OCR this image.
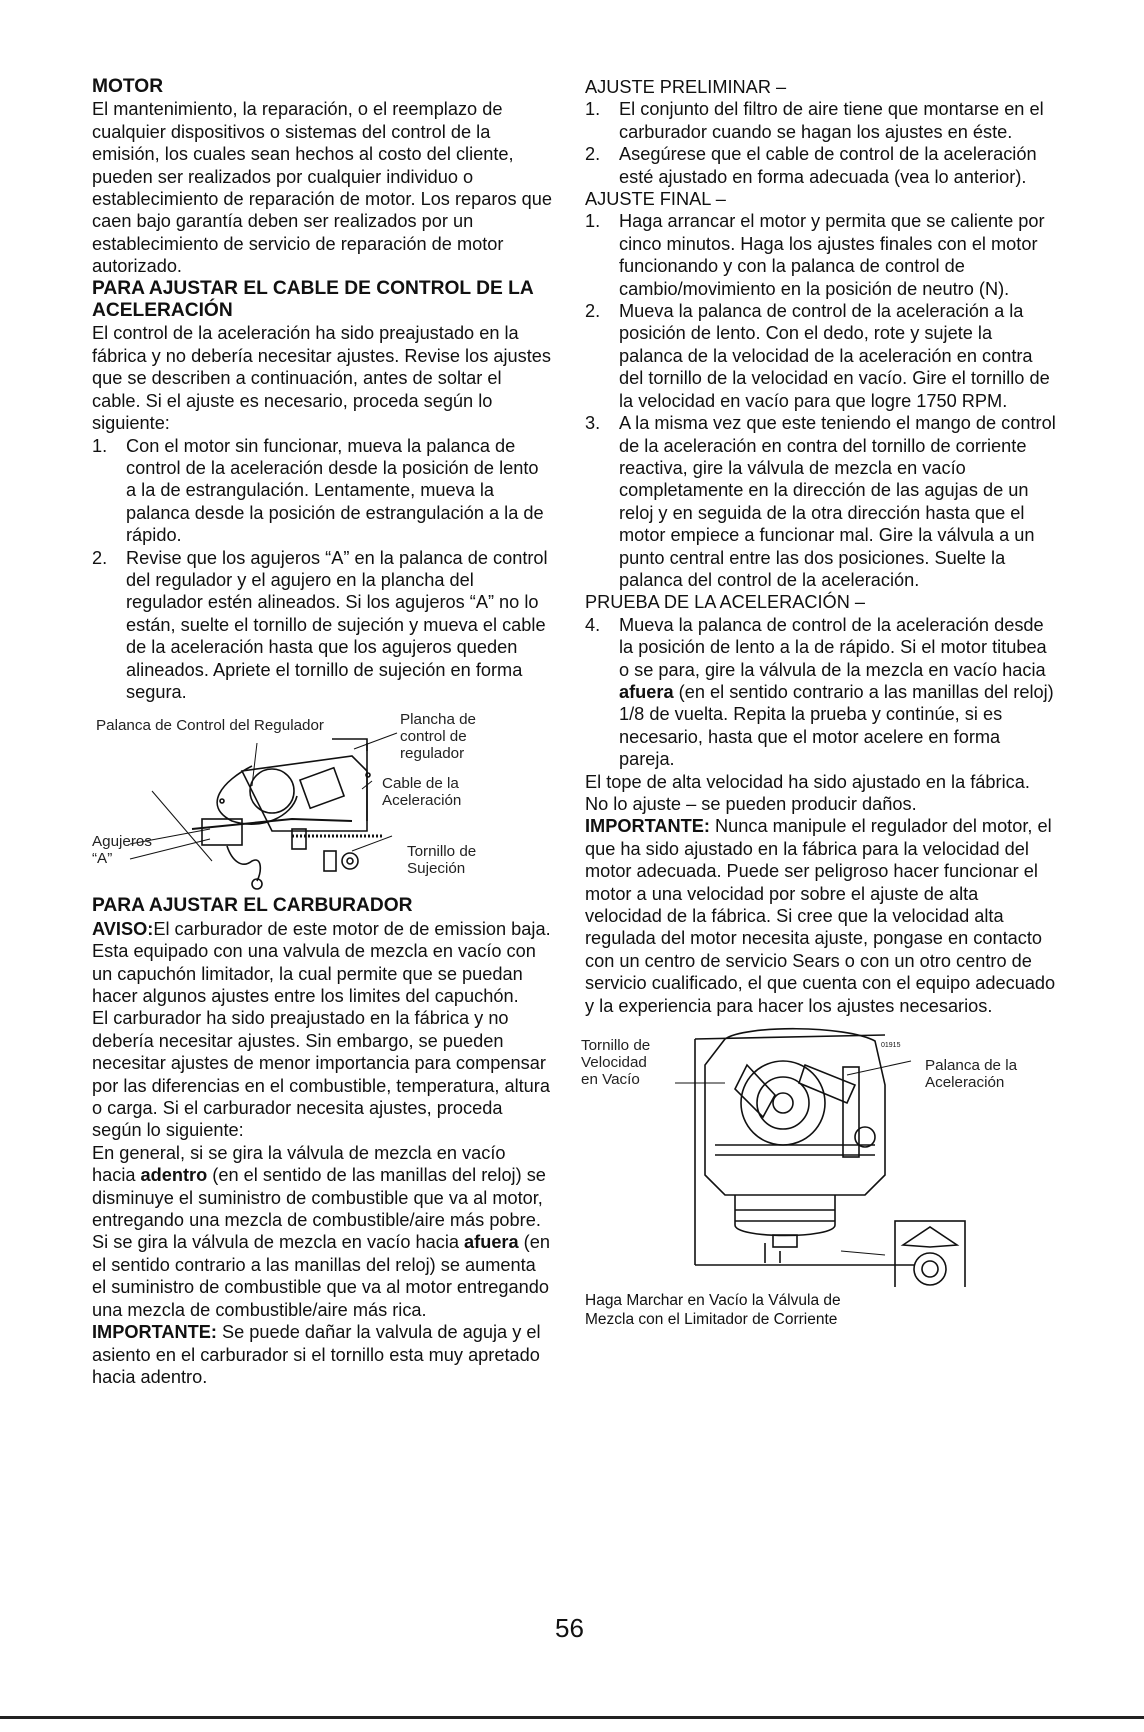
MOTOR

El mantenimiento, la reparación, o el reemplazo de cualquier dispositivos o sistemas del control de la emisión, los cuales sean hechos al costo del cliente, pueden ser realizados por cualquier individuo o establecimiento de reparación de motor. Los reparos que caen bajo garantía deben ser realizados por un establecimiento de servicio de reparación de motor autorizado.

PARA AJUSTAR EL CABLE DE CONTROL DE LA ACELERACIÓN

El control de la aceleración ha sido preajustado en la fábrica y no debería necesitar ajustes. Revise los ajustes que se describen a continuación, antes de soltar el cable. Si el ajuste es necesario, proceda según lo siguiente:

1. Con el motor sin funcionar, mueva la palanca de control de la aceleración desde la posición de lento a la de estrangulación. Lentamente, mueva la palanca desde la posición de estrangulación a la de rápido.
2. Revise que los agujeros “A” en la palanca de control del regulador y el agujero en la plancha del regulador estén alineados. Si los agujeros “A” no lo están, suelte el tornillo de sujeción y mueva el cable de la aceleración hasta que los agujeros queden alineados. Apriete el tornillo de sujeción en forma segura.
Palanca de Control del Regulador	Plancha de control de regulador
Cable de la Aceleración
Agujeros “A”	Tornillo de Sujeción
PARA AJUSTAR EL CARBURADOR

AVISO:El carburador de este motor de de emission baja. Esta equipado con una valvula de mezcla en vacío con un capuchón limitador, la cual permite que se puedan hacer algunos ajustes entre los limites del capuchón.

El carburador ha sido preajustado en la fábrica y no debería necesitar ajustes. Sin embargo, se pueden necesitar ajustes de menor importancia para compensar por las diferencias en el combustible, temperatura, altura o carga. Si el carburador necesita ajustes, proceda según lo siguiente:

En general, si se gira la válvula de mezcla en vacío hacia adentro (en el sentido de las manillas del reloj) se disminuye el suministro de combustible que va al motor, entregando una mezcla de combustible/aire más pobre. Si se gira la válvula de mezcla en vacío hacia afuera (en el sentido contrario a las manillas del reloj) se aumenta el suministro de combustible que va al motor entregando una mezcla de combustible/aire más rica.

IMPORTANTE: Se puede dañar la valvula de aguja y el asiento en el carburador si el tornillo esta muy apretado hacia adentro.

AJUSTE PRELIMINAR –

1. El conjunto del filtro de aire tiene que montarse en el carburador cuando se hagan los ajustes en éste.
2. Asegúrese que el cable de control de la aceleración esté ajustado en forma adecuada (vea lo anterior).

AJUSTE FINAL –

1. Haga arrancar el motor y permita que se caliente por cinco minutos. Haga los ajustes finales con el motor funcionando y con la palanca de control de cambio/movimiento en la posición de neutro (N).
2. Mueva la palanca de control de la aceleración a la posición de lento. Con el dedo, rote y sujete la palanca de la velocidad de la aceleración en contra del tornillo de la velocidad en vacío. Gire el tornillo de la velocidad en vacío para que logre 1750 RPM.
3. A la misma vez que este teniendo el mango de control de la aceleración en contra del tornillo de corriente reactiva, gire la válvula de mezcla en vacío completamente en la dirección de las agujas de un reloj y en seguida de la otra dirección hasta que el motor empiece a funcionar mal. Gire la válvula a un punto central entre las dos posiciones. Suelte la palanca del control de la aceleración.

PRUEBA DE LA ACELERACIÓN –

4. Mueva la palanca de control de la aceleración desde la posición de lento a la de rápido. Si el motor titubea o se para, gire la válvula de la mezcla en vacío hacia afuera (en el sentido contrario a las manillas del reloj) 1/8 de vuelta. Repita la prueba y continúe, si es necesario, hasta que el motor acelere en forma pareja.

El tope de alta velocidad ha sido ajustado en la fábrica. No lo ajuste – se pueden producir daños.

IMPORTANTE: Nunca manipule el regulador del motor, el que ha sido ajustado en la fábrica para la velocidad del motor adecuada. Puede ser peligroso hacer funcionar el motor a una velocidad por sobre el ajuste de alta velocidad de la fábrica. Si cree que la velocidad alta regulada del motor necesita ajuste, pongase en contacto con un centro de servicio Sears o con un otro centro de servicio cualificado, el que cuenta con el equipo adecuado y la experiencia para hacer los ajustes necesarios.

01915
Tornillo de Velocidad en Vacío
Palanca de la Aceleración
Haga Marchar en Vacío la Válvula de Mezcla con el Limitador de Corriente
56
